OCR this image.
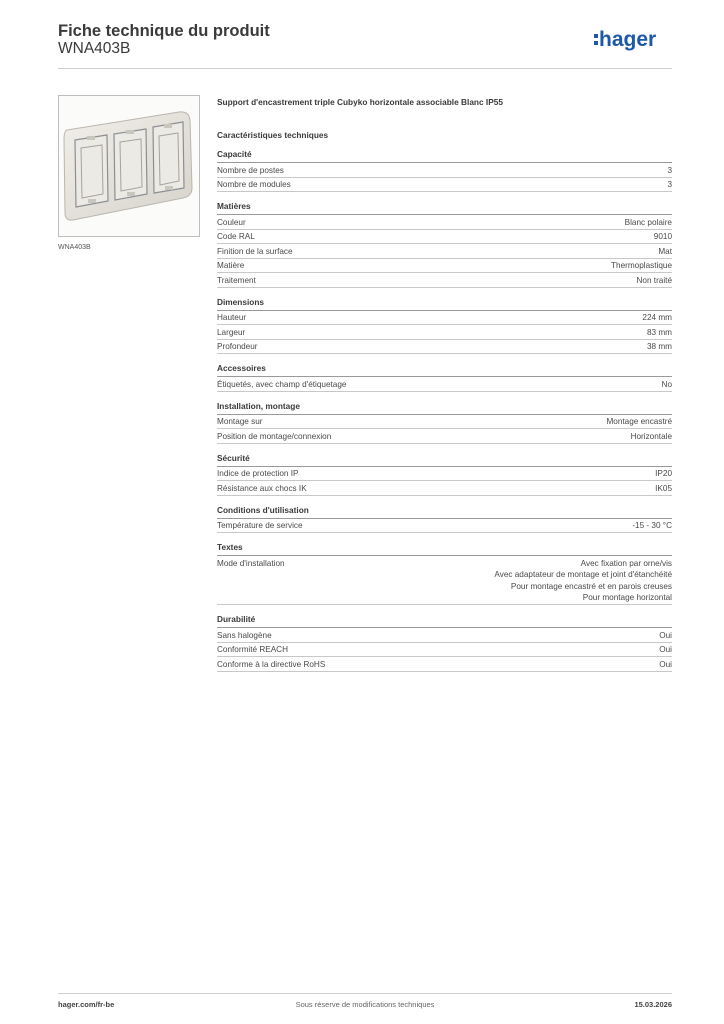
Fiche technique du produit
WNA403B	hager
WNA403B
Support d'encastrement triple Cubyko horizontale associable Blanc IP55
Caractéristiques techniques
Capacité
Nombre de postes	3
Nombre de modules	3
Matières
Couleur	Blanc polaire
Code RAL	9010
Finition de la surface	Mat
Matière	Thermoplastique
Traitement	Non traité
Dimensions
Hauteur	224 mm
Largeur	83 mm
Profondeur	38 mm
Accessoires
Étiquetés, avec champ d'étiquetage	No
Installation, montage
Montage sur	Montage encastré
Position de montage/connexion	Horizontale
Sécurité
Indice de protection IP	IP20
Résistance aux chocs IK	IK05
Conditions d'utilisation
Température de service	-15 - 30 °C
Textes
Mode d'installation	Avec fixation par orne/vis
Avec adaptateur de montage et joint d'étanchéité
Pour montage encastré et en parois creuses
Pour montage horizontal
Durabilité
Sans halogène	Oui
Conformité REACH	Oui
Conforme à la directive RoHS	Oui
hager.com/fr-be	Sous réserve de modifications techniques	15.03.2026
